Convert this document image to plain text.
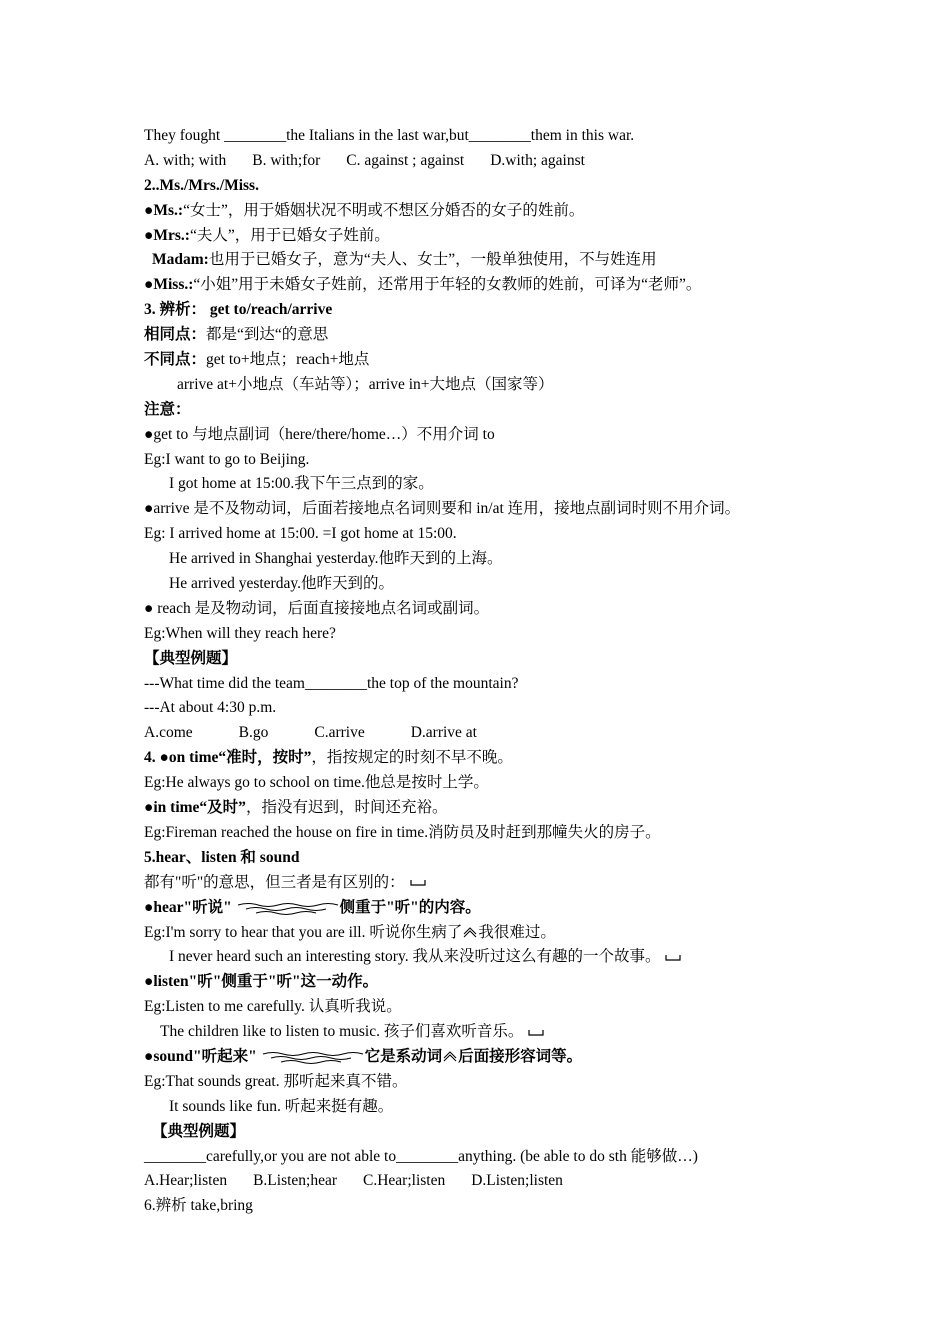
They fought ________the Italians in the last war,but________them in this war.
A. with; with B. with;for C. against ; against D.with; against
2..Ms./Mrs./Miss.
●Ms.:“女士”，用于婚姻状况不明或不想区分婚否的女子的姓前。
●Mrs.:“夫人”，用于已婚女子姓前。
Madam:也用于已婚女子，意为“夫人、女士”，一般单独使用，不与姓连用
●Miss.:“小姐”用于未婚女子姓前，还常用于年轻的女教师的姓前，可译为“老师”。
3. 辨析： get to/reach/arrive
相同点：都是“到达“的意思
不同点：get to+地点；reach+地点
arrive at+小地点（车站等）；arrive in+大地点（国家等）
注意：
●get to 与地点副词（here/there/home…）不用介词 to
Eg:I want to go to Beijing.
I got home at 15:00.我下午三点到的家。
●arrive 是不及物动词，后面若接地点名词则要和 in/at 连用，接地点副词时则不用介词。
Eg: I arrived home at 15:00. =I got home at 15:00.
He arrived in Shanghai yesterday.他昨天到的上海。
He arrived yesterday.他昨天到的。
● reach 是及物动词，后面直接接地点名词或副词。
Eg:When will they reach here?
【典型例题】
---What time did the team________the top of the mountain?
---At about 4:30 p.m.
A.come	B.go	C.arrive	D.arrive at
4. ●on time“准时，按时”，指按规定的时刻不早不晚。
Eg:He always go to school on time.他总是按时上学。
●in time“及时”，指没有迟到，时间还充裕。
Eg:Fireman reached the house on fire in time.消防员及时赶到那幢失火的房子。
5.hear、listen 和 sound
都有"听"的意思，但三者是有区别的：
●hear"听说"	侧重于"听"的内容。
Eg:I'm sorry to hear that you are ill. 听说你生病了 我很难过。
I never heard such an interesting story. 我从来没听过这么有趣的一个故事。
●listen"听"侧重于"听"这一动作。
Eg:Listen to me carefully. 认真听我说。
The children like to listen to music. 孩子们喜欢听音乐。
●sound"听起来"	它是系动词 后面接形容词等。
Eg:That sounds great. 那听起来真不错。
It sounds like fun. 听起来挺有趣。
【典型例题】
________carefully,or you are not able to________anything. (be able to do sth 能够做…)
A.Hear;listen B.Listen;hear C.Hear;listen D.Listen;listen
6.辨析 take,bring
